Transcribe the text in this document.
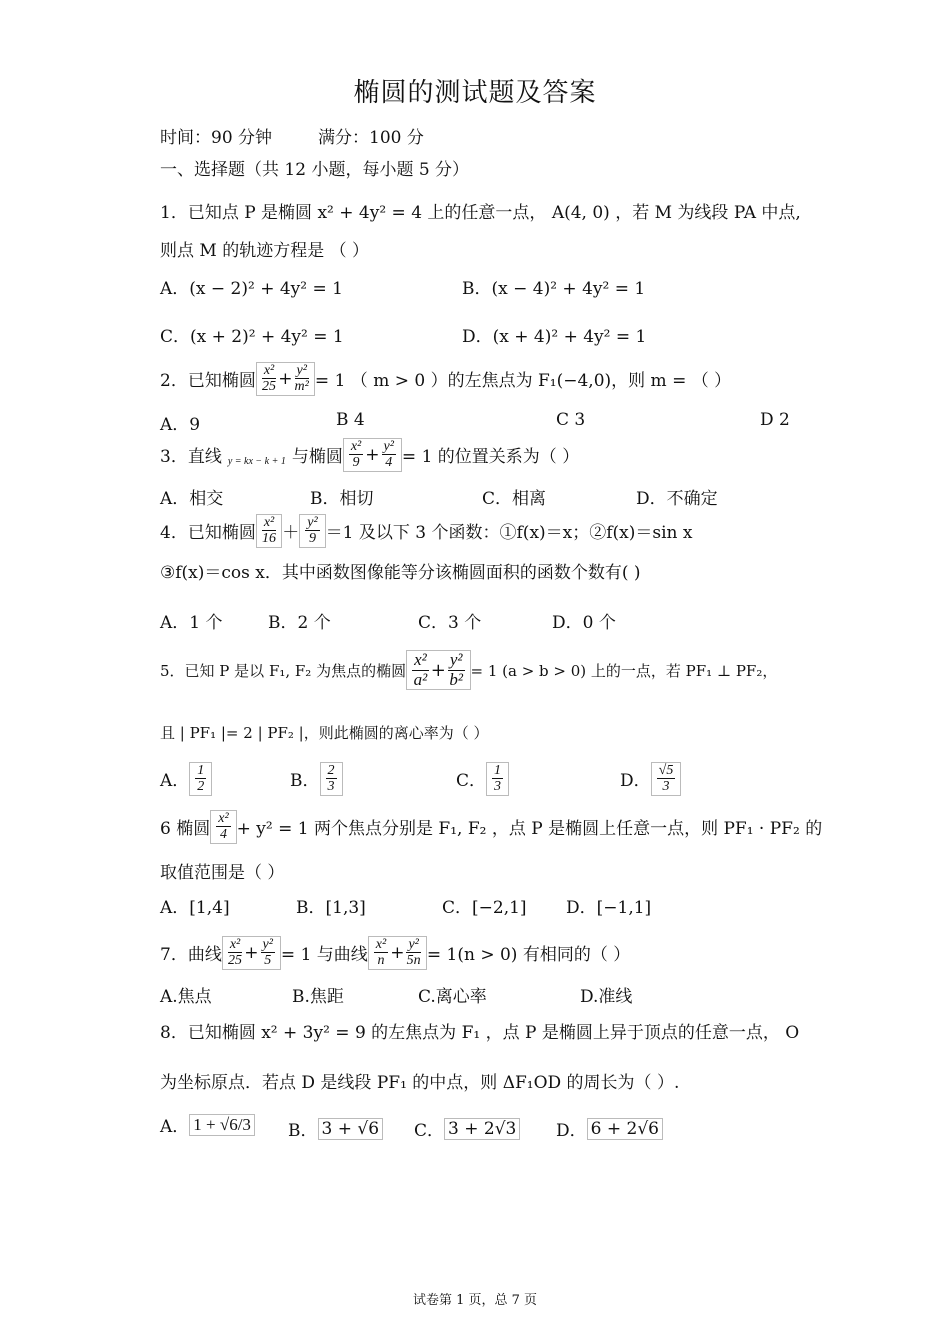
椭圆的测试题及答案
时间：90 分钟	满分：100 分
一、选择题（共 12 小题，每小题 5 分）
1．已知点 P 是椭圆 x² + 4y² = 4 上的任意一点， A(4, 0) ，若 M 为线段 PA 中点,
则点 M 的轨迹方程是 （ ）
A．(x − 2)² + 4y² = 1	B．(x − 4)² + 4y² = 1
C．(x + 2)² + 4y² = 1	D．(x + 4)² + 4y² = 1
2．已知椭圆 $\frac{\text{x²}}{25} + \frac{\text{y²}}{\text{m²}} = 1$ （ m > 0 ）的左焦点为 F₁(−4,0)，则 m = （ ）
A．9	B 4	C 3	D 2
3．直线 y = kx − k + 1 与椭圆 $\frac{\text{x²}}{9} + \frac{\text{y²}}{4} = 1$ 的位置关系为（ ）
A．相交	B．相切	C．相离	D．不确定
4．已知椭圆 $\frac{\text{x²}}{16} + \frac{\text{y²}}{9} =1$ 及以下 3 个函数：①f(x)＝x；②f(x)＝sin x
③f(x)＝cos x．其中函数图像能等分该椭圆面积的函数个数有( )
A．1 个	B．2 个	C．3 个	D．0 个
5．已知 P 是以 F₁, F₂ 为焦点的椭圆 $\frac{\text{x²}}{\text{a²}} + \frac{\text{y²}}{\text{b²}} = 1$ (a > b > 0) 上的一点，若 PF₁ ⊥ PF₂，
且 | PF₁ |= 2 | PF₂ |，则此椭圆的离心率为（ ）
A． $\frac{1}{2}$	B． $\frac{2}{3}$	C． $\frac{1}{3}$	D． $\frac{√5}{3}$
6 椭圆 $\frac{\text{x²}}{4} + y^2 = 1$ 两个焦点分别是 F₁, F₂ ，点 P 是椭圆上任意一点，则 PF₁ · PF₂ 的
取值范围是（ ）
A．[1,4]	B．[1,3]	C．[−2,1] D．[−1,1]
7．曲线 $\frac{\text{x²}}{25} + \frac{\text{y²}}{5} = 1$ 与曲线 $\frac{\text{x²}}{n} + \frac{\text{y²}}{5n} = 1(n > 0)$ 有相同的（ ）
A.焦点	B.焦距	C.离心率	D.准线
8．已知椭圆 x² + 3y² = 9 的左焦点为 F₁ ，点 P 是椭圆上异于顶点的任意一点， O
为坐标原点．若点 D 是线段 PF₁ 的中点，则 ΔF₁OD 的周长为（ ）.
A． 1 + √6/3 B． 3 + √6 C． 3 + 2√3 D． 6 + 2√6
试卷第 1 页，总 7 页
